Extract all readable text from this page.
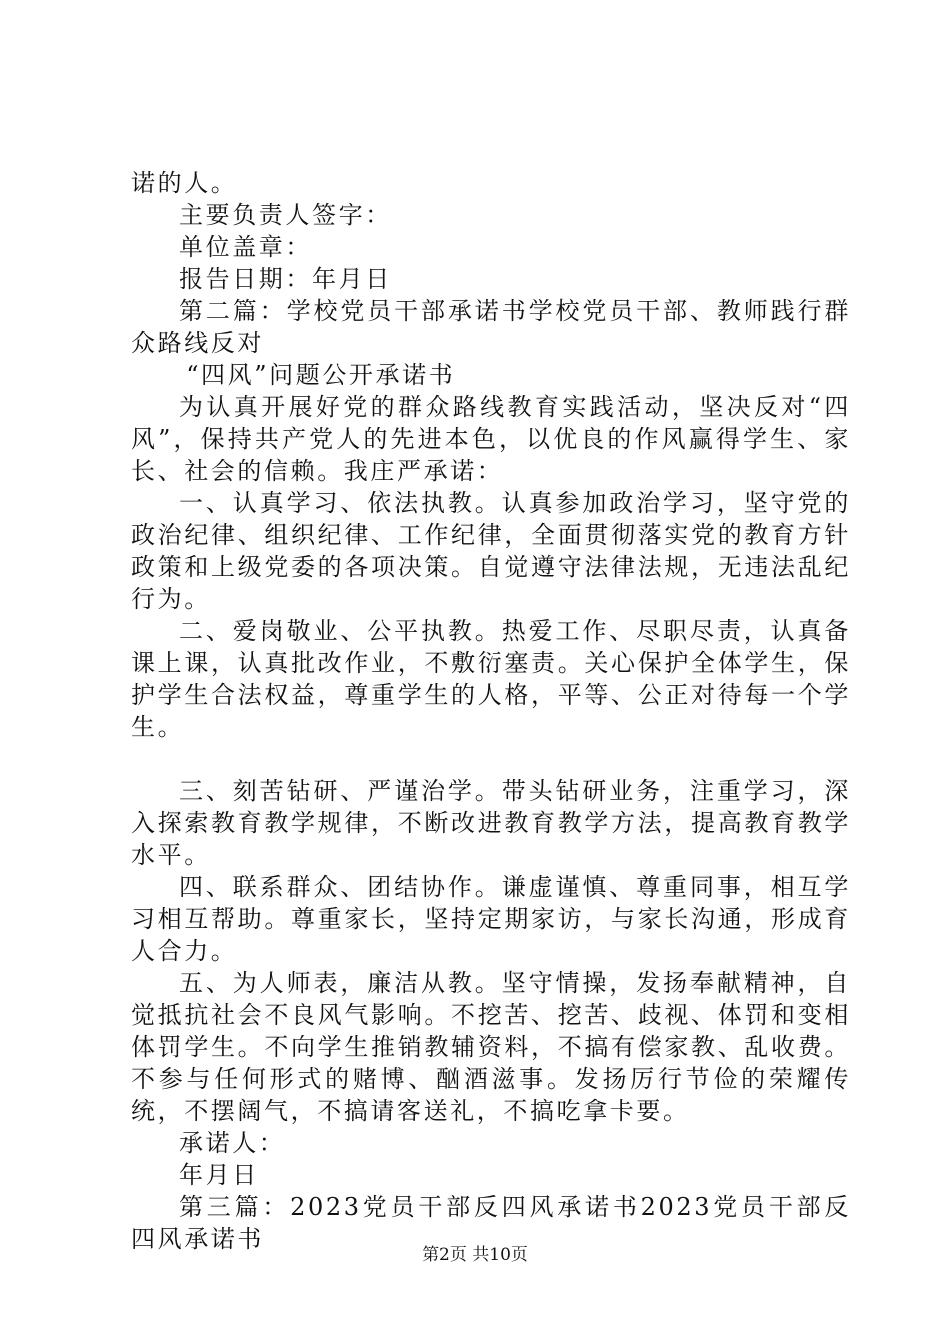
诺的人。

主要负责人签字：

单位盖章：

报告日期：年月日

第二篇：学校党员干部承诺书学校党员干部、教师践行群众路线反对

“四风”问题公开承诺书

为认真开展好党的群众路线教育实践活动，坚决反对“四风”，保持共产党人的先进本色，以优良的作风赢得学生、家长、社会的信赖。我庄严承诺：

一、认真学习、依法执教。认真参加政治学习，坚守党的政治纪律、组织纪律、工作纪律，全面贯彻落实党的教育方针政策和上级党委的各项决策。自觉遵守法律法规，无违法乱纪行为。

二、爱岗敬业、公平执教。热爱工作、尽职尽责，认真备课上课，认真批改作业，不敷衍塞责。关心保护全体学生，保护学生合法权益，尊重学生的人格，平等、公正对待每一个学生。

三、刻苦钻研、严谨治学。带头钻研业务，注重学习，深入探索教育教学规律，不断改进教育教学方法，提高教育教学水平。

四、联系群众、团结协作。谦虚谨慎、尊重同事，相互学习相互帮助。尊重家长，坚持定期家访，与家长沟通，形成育人合力。

五、为人师表，廉洁从教。坚守情操，发扬奉献精神，自觉抵抗社会不良风气影响。不挖苦、挖苦、歧视、体罚和变相体罚学生。不向学生推销教辅资料，不搞有偿家教、乱收费。不参与任何形式的赌博、酗酒滋事。发扬厉行节俭的荣耀传统，不摆阔气，不搞请客送礼，不搞吃拿卡要。

承诺人：

年月日

第三篇：2023党员干部反四风承诺书2023党员干部反四风承诺书

第2页 共10页
